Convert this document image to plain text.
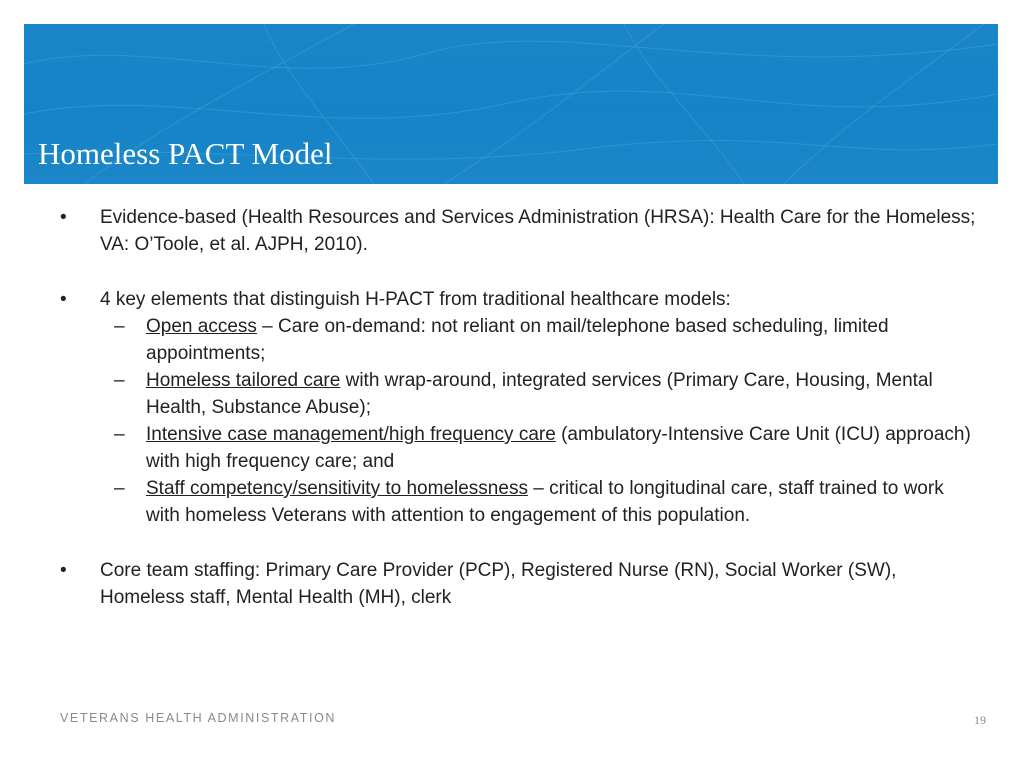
Homeless PACT Model
• Evidence-based (Health Resources and Services Administration (HRSA): Health Care for the Homeless; VA: O’Toole, et al. AJPH, 2010).
• 4 key elements that distinguish H-PACT from traditional healthcare models:
– Open access – Care on-demand: not reliant on mail/telephone based scheduling, limited appointments;
– Homeless tailored care with wrap-around, integrated services (Primary Care, Housing, Mental Health, Substance Abuse);
– Intensive case management/high frequency care (ambulatory-Intensive Care Unit (ICU) approach) with high frequency care; and
– Staff competency/sensitivity to homelessness – critical to longitudinal care, staff trained to work with homeless Veterans with attention to engagement of this population.
• Core team staffing: Primary Care Provider (PCP), Registered Nurse (RN), Social Worker (SW), Homeless staff, Mental Health (MH), clerk
VETERANS HEALTH ADMINISTRATION	19
